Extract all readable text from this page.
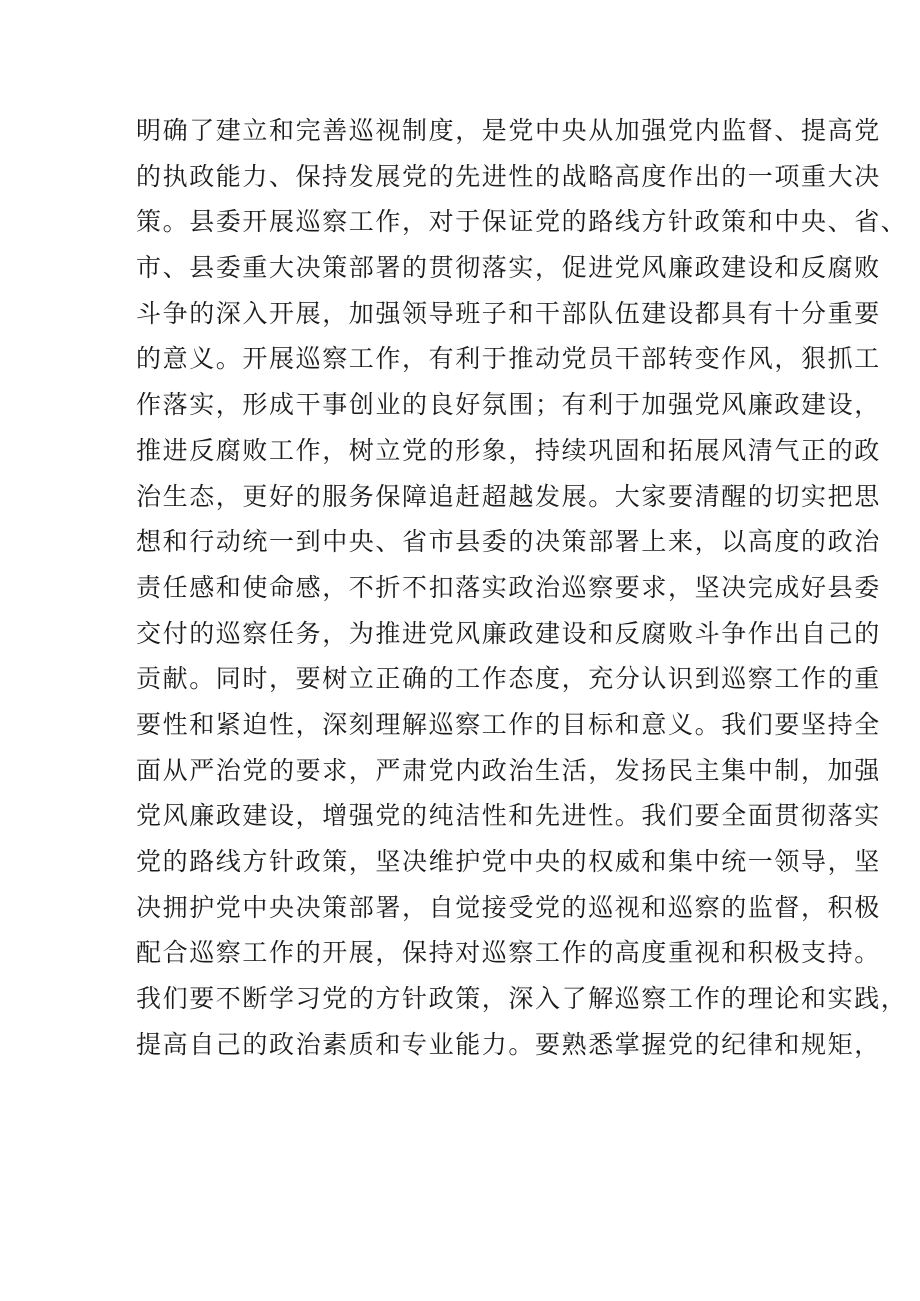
明确了建立和完善巡视制度，是党中央从加强党内监督、提高党
的执政能力、保持发展党的先进性的战略高度作出的一项重大决
策。县委开展巡察工作，对于保证党的路线方针政策和中央、省、
市、县委重大决策部署的贯彻落实，促进党风廉政建设和反腐败
斗争的深入开展，加强领导班子和干部队伍建设都具有十分重要
的意义。开展巡察工作，有利于推动党员干部转变作风，狠抓工
作落实，形成干事创业的良好氛围；有利于加强党风廉政建设，
推进反腐败工作，树立党的形象，持续巩固和拓展风清气正的政
治生态，更好的服务保障追赶超越发展。大家要清醒的切实把思
想和行动统一到中央、省市县委的决策部署上来，以高度的政治
责任感和使命感，不折不扣落实政治巡察要求，坚决完成好县委
交付的巡察任务，为推进党风廉政建设和反腐败斗争作出自己的
贡献。同时，要树立正确的工作态度，充分认识到巡察工作的重
要性和紧迫性，深刻理解巡察工作的目标和意义。我们要坚持全
面从严治党的要求，严肃党内政治生活，发扬民主集中制，加强
党风廉政建设，增强党的纯洁性和先进性。我们要全面贯彻落实
党的路线方针政策，坚决维护党中央的权威和集中统一领导，坚
决拥护党中央决策部署，自觉接受党的巡视和巡察的监督，积极
配合巡察工作的开展，保持对巡察工作的高度重视和积极支持。
我们要不断学习党的方针政策，深入了解巡察工作的理论和实践，
提高自己的政治素质和专业能力。要熟悉掌握党的纪律和规矩，
